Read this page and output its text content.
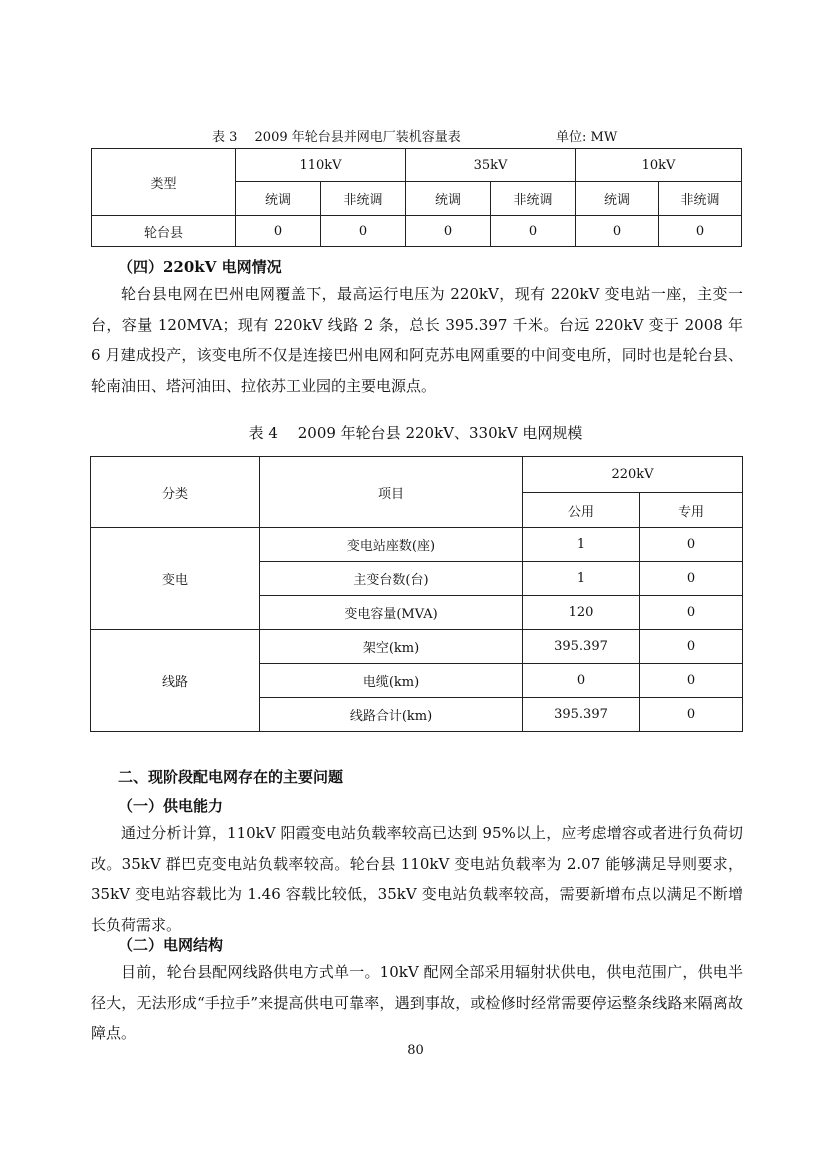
表 3　 2009 年轮台县并网电厂装机容量表	单位: MW
类型	110kV		35kV		10kV	
	统调	非统调	统调	非统调	统调	非统调
轮台县	0	0	0	0	0	0
（四）220kV 电网情况
轮台县电网在巴州电网覆盖下，最高运行电压为 220kV，现有 220kV 变电站一座，主变一台，容量 120MVA；现有 220kV 线路 2 条，总长 395.397 千米。台远 220kV 变于 2008 年 6 月建成投产，该变电所不仅是连接巴州电网和阿克苏电网重要的中间变电所，同时也是轮台县、轮南油田、塔河油田、拉依苏工业园的主要电源点。
表 4　 2009 年轮台县 220kV、330kV 电网规模
分类	项目	220kV	
		公用	专用
变电	变电站座数(座)	1	0
	主变台数(台)	1	0
	变电容量(MVA)	120	0
线路	架空(km)	395.397	0
	电缆(km)	0	0
	线路合计(km)	395.397	0
二、现阶段配电网存在的主要问题
（一）供电能力
通过分析计算，110kV 阳霞变电站负载率较高已达到 95%以上，应考虑增容或者进行负荷切改。35kV 群巴克变电站负载率较高。轮台县 110kV 变电站负载率为 2.07 能够满足导则要求，35kV 变电站容载比为 1.46 容载比较低，35kV 变电站负载率较高，需要新增布点以满足不断增长负荷需求。
（二）电网结构
目前，轮台县配网线路供电方式单一。10kV 配网全部采用辐射状供电，供电范围广，供电半径大，无法形成“手拉手”来提高供电可靠率，遇到事故，或检修时经常需要停运整条线路来隔离故障点。
80
